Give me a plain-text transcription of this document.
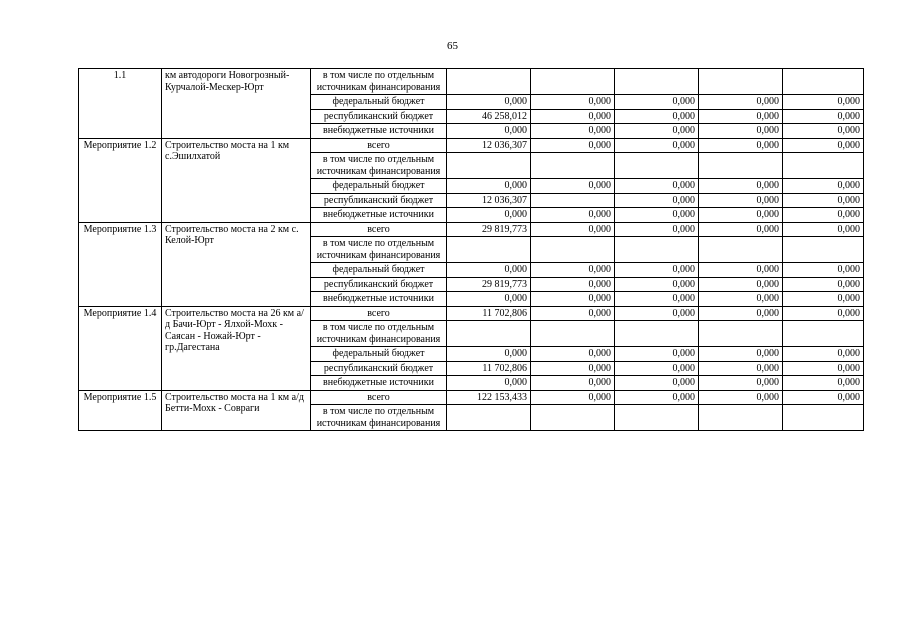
65
1.1	км автодороги Новогрозный-Курчалой-Мескер-Юрт	в том числе по отдельным источникам финансирования					
		федеральный бюджет	0,000	0,000	0,000	0,000	0,000
		республиканский бюджет	46 258,012	0,000	0,000	0,000	0,000
		внебюджетные источники	0,000	0,000	0,000	0,000	0,000
Мероприятие 1.2	Строительство моста на 1 км с.Эшилхатой	всего	12 036,307	0,000	0,000	0,000	0,000
		в том числе по отдельным источникам финансирования					
		федеральный бюджет	0,000	0,000	0,000	0,000	0,000
		республиканский бюджет	12 036,307		0,000	0,000	0,000
		внебюджетные источники	0,000	0,000	0,000	0,000	0,000
Мероприятие 1.3	Строительство моста на 2 км с. Келой-Юрт	всего	29 819,773	0,000	0,000	0,000	0,000
		в том числе по отдельным источникам финансирования					
		федеральный бюджет	0,000	0,000	0,000	0,000	0,000
		республиканский бюджет	29 819,773	0,000	0,000	0,000	0,000
		внебюджетные источники	0,000	0,000	0,000	0,000	0,000
Мероприятие 1.4	Строительство моста на 26 км а/д Бачи-Юрт - Ялхой-Мохк - Саясан - Ножай-Юрт - гр.Дагестана	всего	11 702,806	0,000	0,000	0,000	0,000
		в том числе по отдельным источникам финансирования					
		федеральный бюджет	0,000	0,000	0,000	0,000	0,000
		республиканский бюджет	11 702,806	0,000	0,000	0,000	0,000
		внебюджетные источники	0,000	0,000	0,000	0,000	0,000
Мероприятие 1.5	Строительство моста на 1 км а/д Бетти-Мохк - Совраги	всего	122 153,433	0,000	0,000	0,000	0,000
		в том числе по отдельным источникам финансирования					
